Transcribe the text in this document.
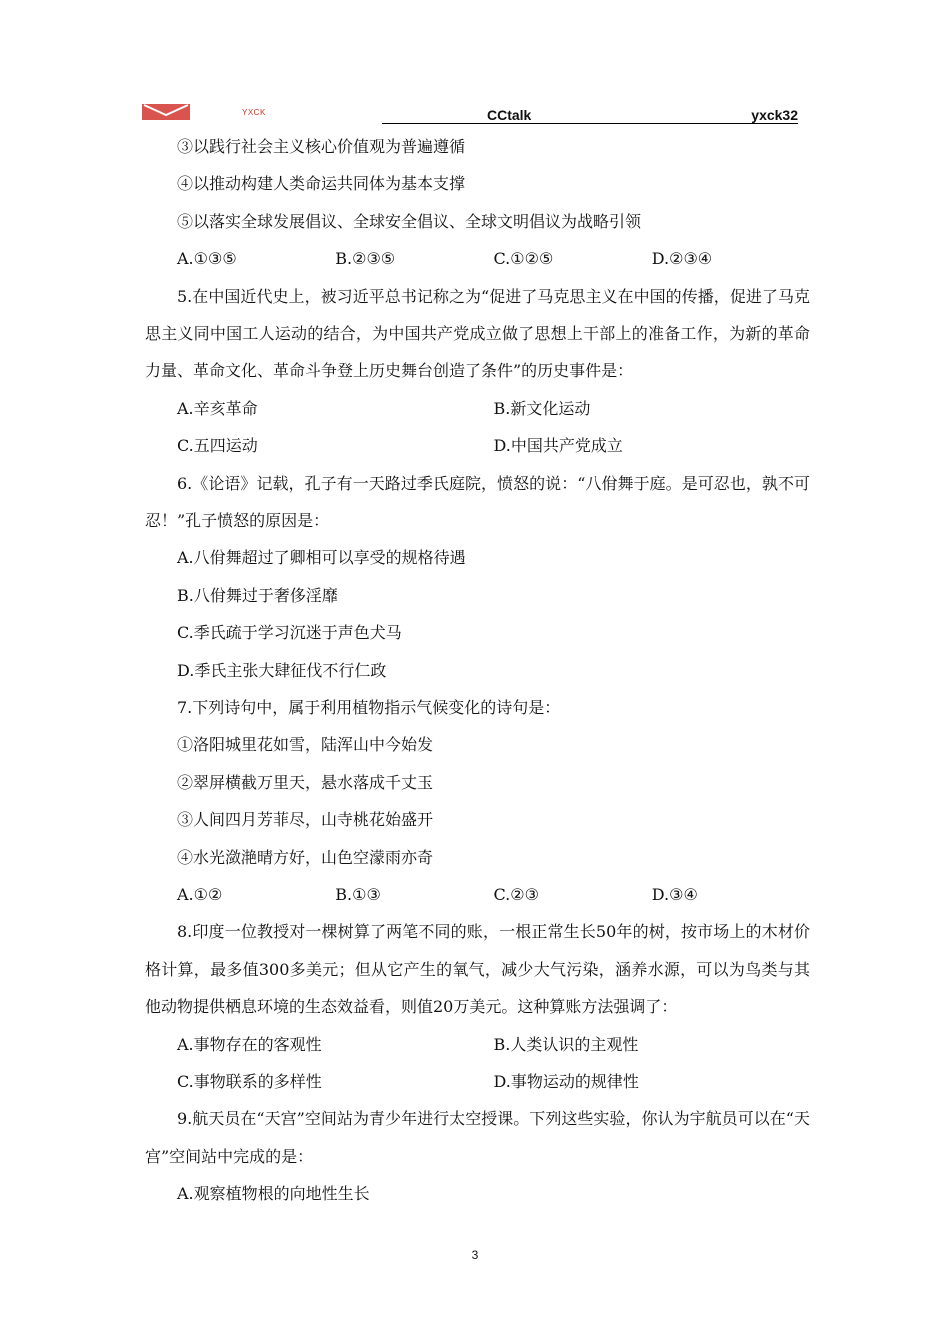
YXCK	CCtalk	yxck32
③以践行社会主义核心价值观为普遍遵循
④以推动构建人类命运共同体为基本支撑
⑤以落实全球发展倡议、全球安全倡议、全球文明倡议为战略引领
A.①③⑤	B.②③⑤	C.①②⑤	D.②③④
5.在中国近代史上，被习近平总书记称之为“促进了马克思主义在中国的传播，促进了马克思主义同中国工人运动的结合，为中国共产党成立做了思想上干部上的准备工作，为新的革命力量、革命文化、革命斗争登上历史舞台创造了条件”的历史事件是：
A.辛亥革命	B.新文化运动
C.五四运动	D.中国共产党成立
6.《论语》记载，孔子有一天路过季氏庭院，愤怒的说：“八佾舞于庭。是可忍也，孰不可忍！”孔子愤怒的原因是：
A.八佾舞超过了卿相可以享受的规格待遇
B.八佾舞过于奢侈淫靡
C.季氏疏于学习沉迷于声色犬马
D.季氏主张大肆征伐不行仁政
7.下列诗句中，属于利用植物指示气候变化的诗句是：
①洛阳城里花如雪，陆浑山中今始发
②翠屏横截万里天，悬水落成千丈玉
③人间四月芳菲尽，山寺桃花始盛开
④水光潋滟晴方好，山色空濛雨亦奇
A.①②	B.①③	C.②③	D.③④
8.印度一位教授对一棵树算了两笔不同的账，一根正常生长50年的树，按市场上的木材价格计算，最多值300多美元；但从它产生的氧气，减少大气污染，涵养水源，可以为鸟类与其他动物提供栖息环境的生态效益看，则值20万美元。这种算账方法强调了：
A.事物存在的客观性	B.人类认识的主观性
C.事物联系的多样性	D.事物运动的规律性
9.航天员在“天宫”空间站为青少年进行太空授课。下列这些实验，你认为宇航员可以在“天宫”空间站中完成的是：
A.观察植物根的向地性生长
3
